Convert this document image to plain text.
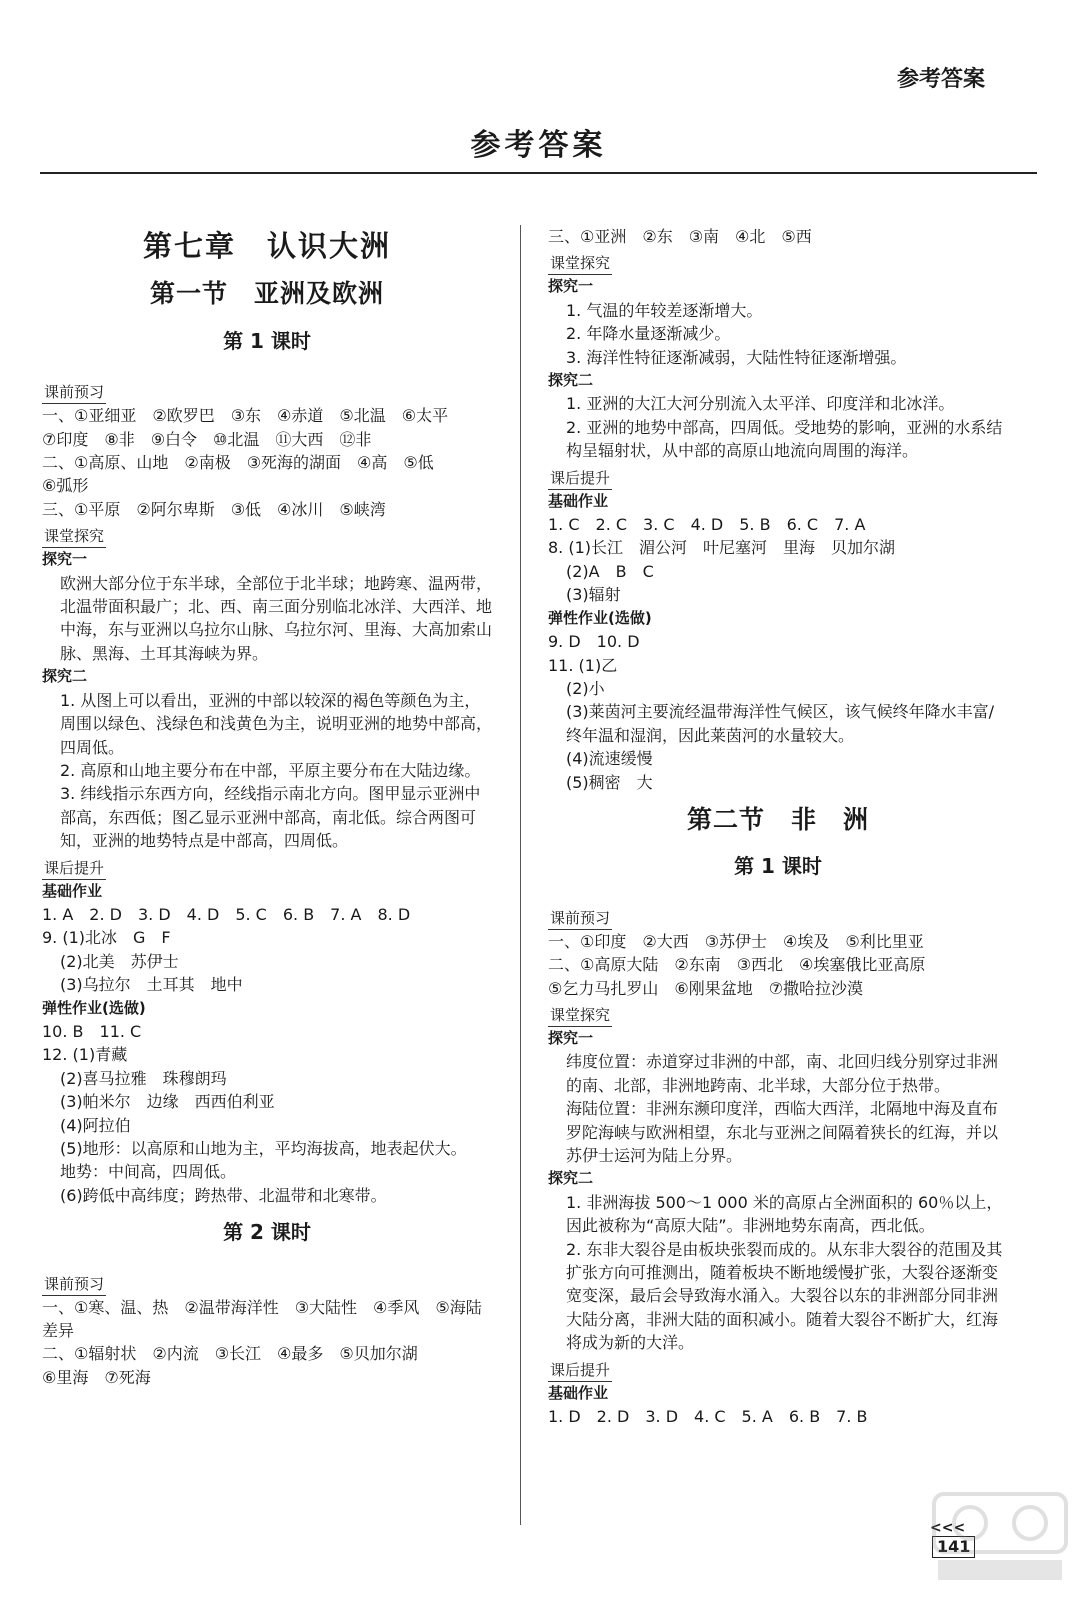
参考答案
参考答案
第七章　认识大洲
第一节　亚洲及欧洲
第 1 课时
课前预习
一、①亚细亚　②欧罗巴　③东　④赤道　⑤北温　⑥太平
⑦印度　⑧非　⑨白令　⑩北温　⑪大西　⑫非
二、①高原、山地　②南极　③死海的湖面　④高　⑤低
⑥弧形
三、①平原　②阿尔卑斯　③低　④冰川　⑤峡湾
课堂探究
探究一
欧洲大部分位于东半球，全部位于北半球；地跨寒、温两带，北温带面积最广；北、西、南三面分别临北冰洋、大西洋、地中海，东与亚洲以乌拉尔山脉、乌拉尔河、里海、大高加索山脉、黑海、土耳其海峡为界。
探究二
1. 从图上可以看出，亚洲的中部以较深的褐色等颜色为主，周围以绿色、浅绿色和浅黄色为主，说明亚洲的地势中部高，四周低。
2. 高原和山地主要分布在中部，平原主要分布在大陆边缘。
3. 纬线指示东西方向，经线指示南北方向。图甲显示亚洲中部高，东西低；图乙显示亚洲中部高，南北低。综合两图可知，亚洲的地势特点是中部高，四周低。
课后提升
基础作业
1. A　2. D　3. D　4. D　5. C　6. B　7. A　8. D
9. (1)北冰　G　F
(2)北美　苏伊士
(3)乌拉尔　土耳其　地中
弹性作业(选做)
10. B　11. C
12. (1)青藏
(2)喜马拉雅　珠穆朗玛
(3)帕米尔　边缘　西西伯利亚
(4)阿拉伯
(5)地形：以高原和山地为主，平均海拔高，地表起伏大。
地势：中间高，四周低。
(6)跨低中高纬度；跨热带、北温带和北寒带。
第 2 课时
课前预习
一、①寒、温、热　②温带海洋性　③大陆性　④季风　⑤海陆
差异
二、①辐射状　②内流　③长江　④最多　⑤贝加尔湖
⑥里海　⑦死海
三、①亚洲　②东　③南　④北　⑤西
课堂探究
探究一
1. 气温的年较差逐渐增大。
2. 年降水量逐渐减少。
3. 海洋性特征逐渐减弱，大陆性特征逐渐增强。
探究二
1. 亚洲的大江大河分别流入太平洋、印度洋和北冰洋。
2. 亚洲的地势中部高，四周低。受地势的影响，亚洲的水系结构呈辐射状，从中部的高原山地流向周围的海洋。
课后提升
基础作业
1. C　2. C　3. C　4. D　5. B　6. C　7. A
8. (1)长江　湄公河　叶尼塞河　里海　贝加尔湖
(2)A　B　C
(3)辐射
弹性作业(选做)
9. D　10. D
11. (1)乙
(2)小
(3)莱茵河主要流经温带海洋性气候区，该气候终年降水丰富/终年温和湿润，因此莱茵河的水量较大。
(4)流速缓慢
(5)稠密　大
第二节　非　洲
第 1 课时
课前预习
一、①印度　②大西　③苏伊士　④埃及　⑤利比里亚
二、①高原大陆　②东南　③西北　④埃塞俄比亚高原
⑤乞力马扎罗山　⑥刚果盆地　⑦撒哈拉沙漠
课堂探究
探究一
纬度位置：赤道穿过非洲的中部，南、北回归线分别穿过非洲的南、北部，非洲地跨南、北半球，大部分位于热带。
海陆位置：非洲东濒印度洋，西临大西洋，北隔地中海及直布罗陀海峡与欧洲相望，东北与亚洲之间隔着狭长的红海，并以苏伊士运河为陆上分界。
探究二
1. 非洲海拔 500～1 000 米的高原占全洲面积的 60％以上，因此被称为“高原大陆”。非洲地势东南高，西北低。
2. 东非大裂谷是由板块张裂而成的。从东非大裂谷的范围及其扩张方向可推测出，随着板块不断地缓慢扩张，大裂谷逐渐变宽变深，最后会导致海水涌入。大裂谷以东的非洲部分同非洲大陆分离，非洲大陆的面积减小。随着大裂谷不断扩大，红海将成为新的大洋。
课后提升
基础作业
1. D　2. D　3. D　4. C　5. A　6. B　7. B
<<<
141
